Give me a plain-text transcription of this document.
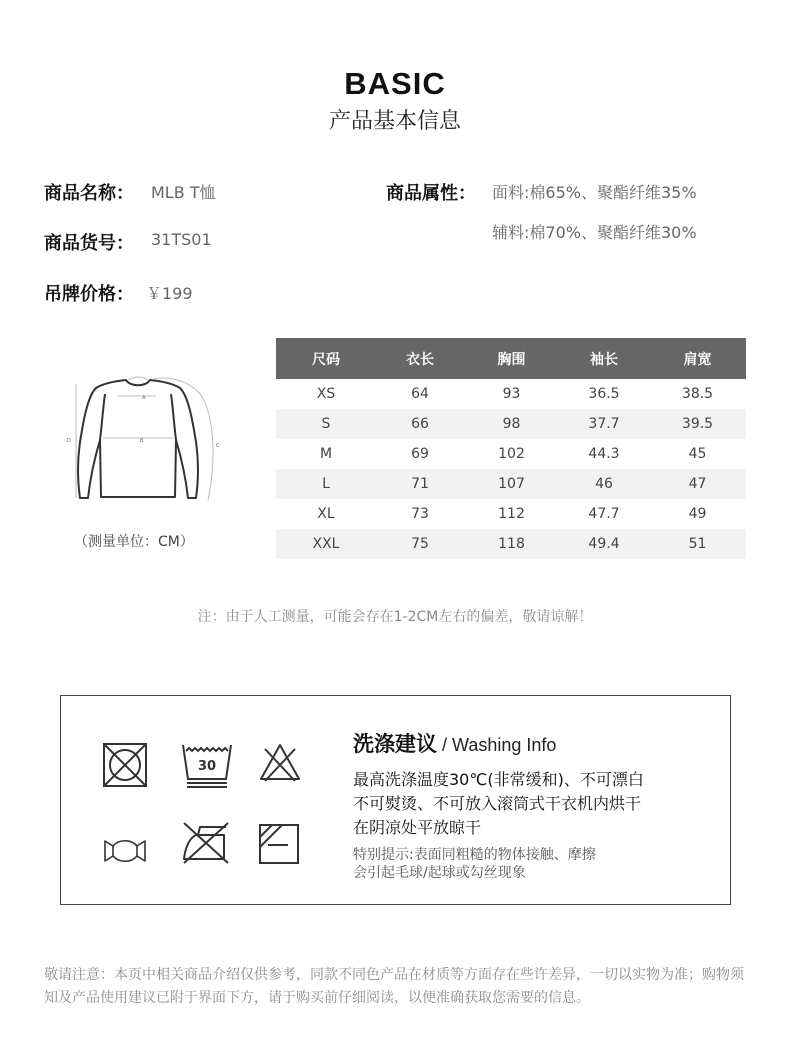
BASIC
产品基本信息
商品名称： MLB T恤
商品货号： 31TS01
吊牌价格： ￥199
商品属性： 面料:棉65%、聚酯纤维35%
辅料:棉70%、聚酯纤维30%
A
B
C
D
（测量单位：CM）
尺码	衣长	胸围	袖长	肩宽
XS	64	93	36.5	38.5
S	66	98	37.7	39.5
M	69	102	44.3	45
L	71	107	46	47
XL	73	112	47.7	49
XXL	75	118	49.4	51
注：由于人工测量，可能会存在1-2CM左右的偏差，敬请谅解！
30
洗涤建议 / Washing Info
最高洗涤温度30℃(非常缓和)、不可漂白
不可熨烫、不可放入滚筒式干衣机内烘干
在阴凉处平放晾干
特别提示:表面同粗糙的物体接触、摩擦
会引起毛球/起球或勾丝现象
敬请注意：本页中相关商品介绍仅供参考，同款不同色产品在材质等方面存在些许差异，一切以实物为准；购物须知及产品使用建议已附于界面下方，请于购买前仔细阅读，以便准确获取您需要的信息。
